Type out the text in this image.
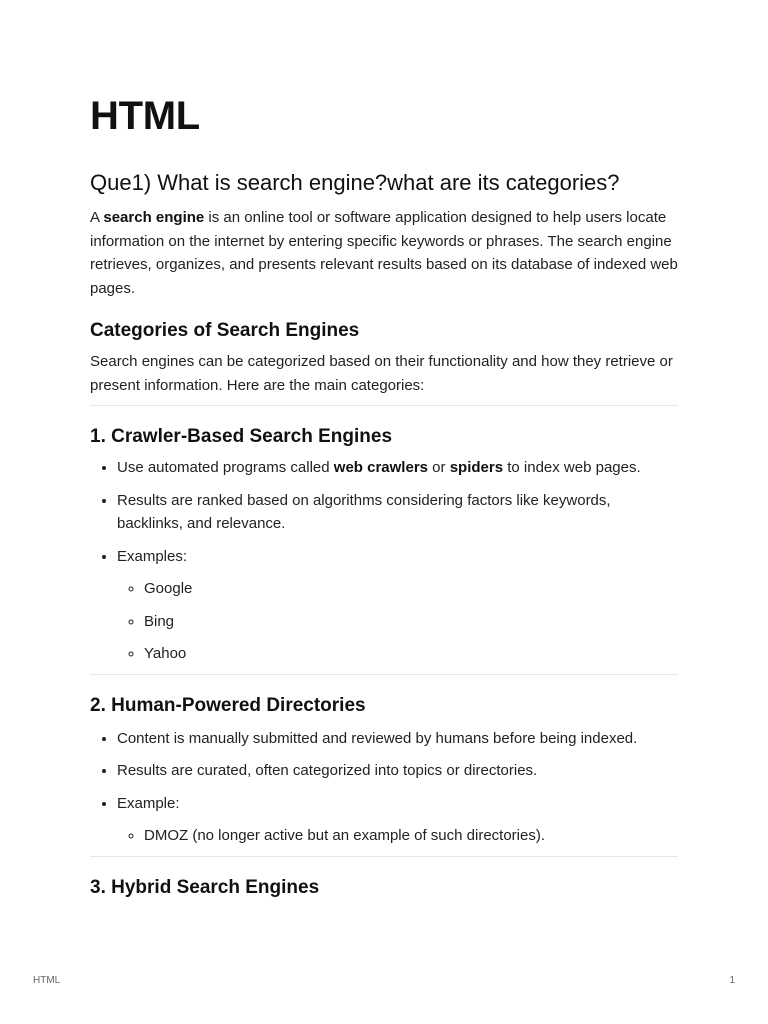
HTML
Que1) What is search engine?what are its categories?

A search engine is an online tool or software application designed to help users locate information on the internet by entering specific keywords or phrases. The search engine retrieves, organizes, and presents relevant results based on its database of indexed web pages.

Categories of Search Engines

Search engines can be categorized based on their functionality and how they retrieve or present information. Here are the main categories:

1. Crawler-Based Search Engines
• Use automated programs called web crawlers or spiders to index web pages.
• Results are ranked based on algorithms considering factors like keywords, backlinks, and relevance.
• Examples:
◦ Google
◦ Bing
◦ Yahoo
2. Human-Powered Directories
• Content is manually submitted and reviewed by humans before being indexed.
• Results are curated, often categorized into topics or directories.
• Example:
◦ DMOZ (no longer active but an example of such directories).
3. Hybrid Search Engines
HTML	1
